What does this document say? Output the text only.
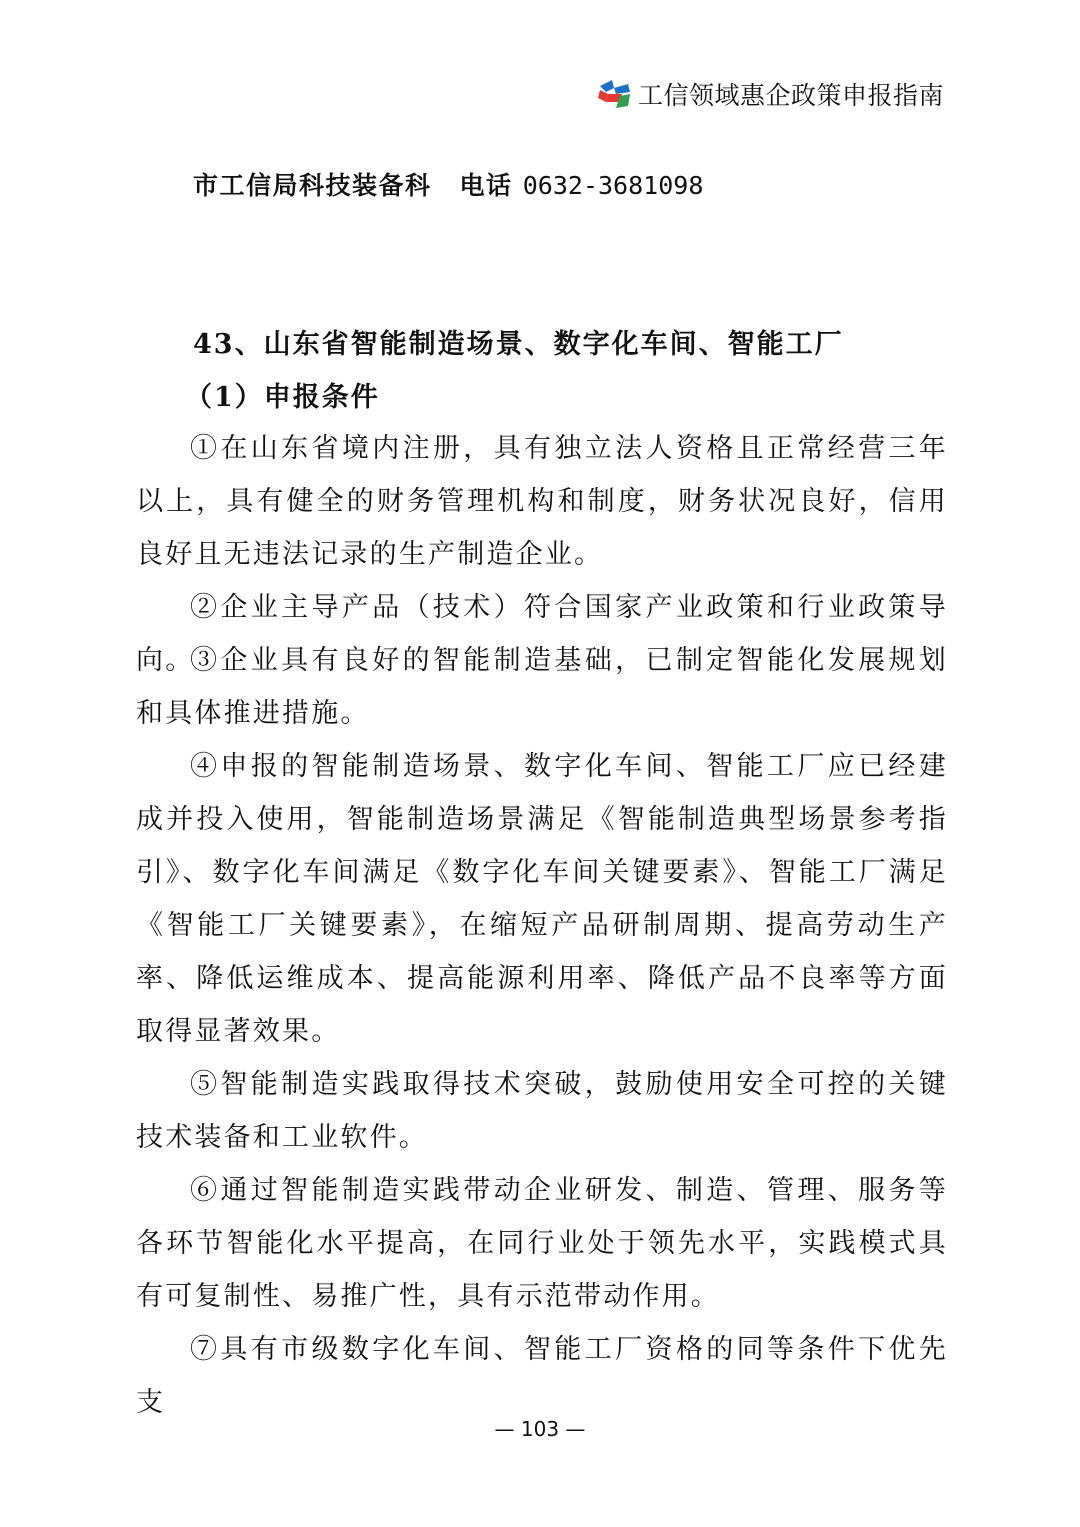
工信领域惠企政策申报指南
市工信局科技装备科 电话 0632-3681098
43、山东省智能制造场景、数字化车间、智能工厂
（1）申报条件

①在山东省境内注册，具有独立法人资格且正常经营三年以上，具有健全的财务管理机构和制度，财务状况良好，信用良好且无违法记录的生产制造企业。

②企业主导产品（技术）符合国家产业政策和行业政策导向。

③企业具有良好的智能制造基础，已制定智能化发展规划和具体推进措施。

④申报的智能制造场景、数字化车间、智能工厂应已经建成并投入使用，智能制造场景满足《智能制造典型场景参考指引》、数字化车间满足《数字化车间关键要素》、智能工厂满足《智能工厂关键要素》，在缩短产品研制周期、提高劳动生产率、降低运维成本、提高能源利用率、降低产品不良率等方面取得显著效果。

⑤智能制造实践取得技术突破，鼓励使用安全可控的关键技术装备和工业软件。

⑥通过智能制造实践带动企业研发、制造、管理、服务等各环节智能化水平提高，在同行业处于领先水平，实践模式具有可复制性、易推广性，具有示范带动作用。

⑦具有市级数字化车间、智能工厂资格的同等条件下优先支

— 103 —
